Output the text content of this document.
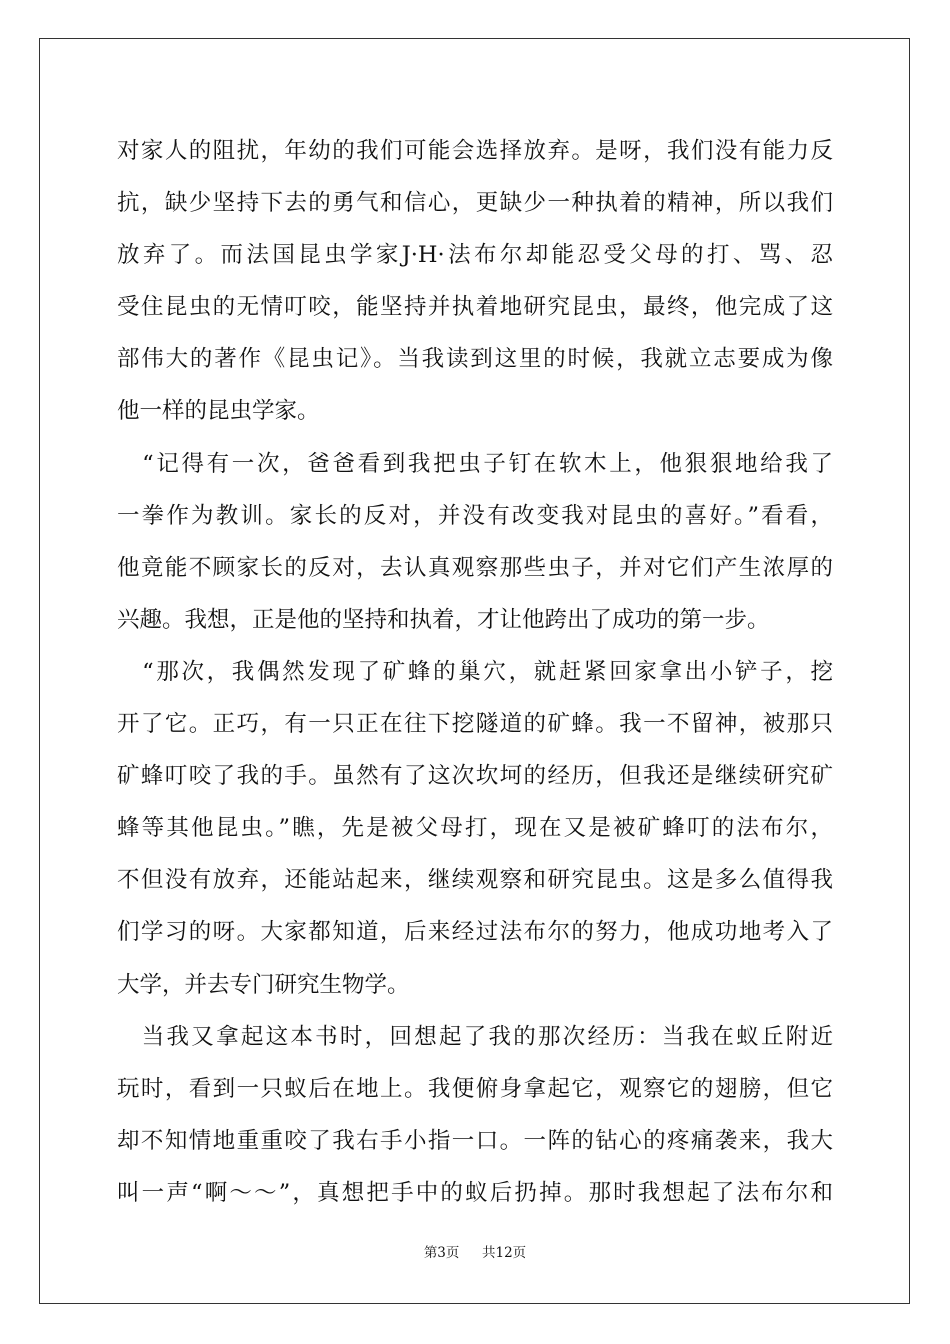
对家人的阻扰，年幼的我们可能会选择放弃。是呀，我们没有能力反
抗，缺少坚持下去的勇气和信心，更缺少一种执着的精神，所以我们
放弃了。而法国昆虫学家J·H·法布尔却能忍受父母的打、骂、忍
受住昆虫的无情叮咬，能坚持并执着地研究昆虫，最终，他完成了这
部伟大的著作《昆虫记》。当我读到这里的时候，我就立志要成为像
他一样的昆虫学家。
　“记得有一次，爸爸看到我把虫子钉在软木上，他狠狠地给我了
一拳作为教训。家长的反对，并没有改变我对昆虫的喜好。”看看，
他竟能不顾家长的反对，去认真观察那些虫子，并对它们产生浓厚的
兴趣。我想，正是他的坚持和执着，才让他跨出了成功的第一步。
　“那次，我偶然发现了矿蜂的巢穴，就赶紧回家拿出小铲子，挖
开了它。正巧，有一只正在往下挖隧道的矿蜂。我一不留神，被那只
矿蜂叮咬了我的手。虽然有了这次坎坷的经历，但我还是继续研究矿
蜂等其他昆虫。”瞧，先是被父母打，现在又是被矿蜂叮的法布尔，
不但没有放弃，还能站起来，继续观察和研究昆虫。这是多么值得我
们学习的呀。大家都知道，后来经过法布尔的努力，他成功地考入了
大学，并去专门研究生物学。
　当我又拿起这本书时，回想起了我的那次经历：当我在蚁丘附近
玩时，看到一只蚁后在地上。我便俯身拿起它，观察它的翅膀，但它
却不知情地重重咬了我右手小指一口。一阵的钻心的疼痛袭来，我大
叫一声“啊～～”，真想把手中的蚁后扔掉。那时我想起了法布尔和
第3页 共12页
